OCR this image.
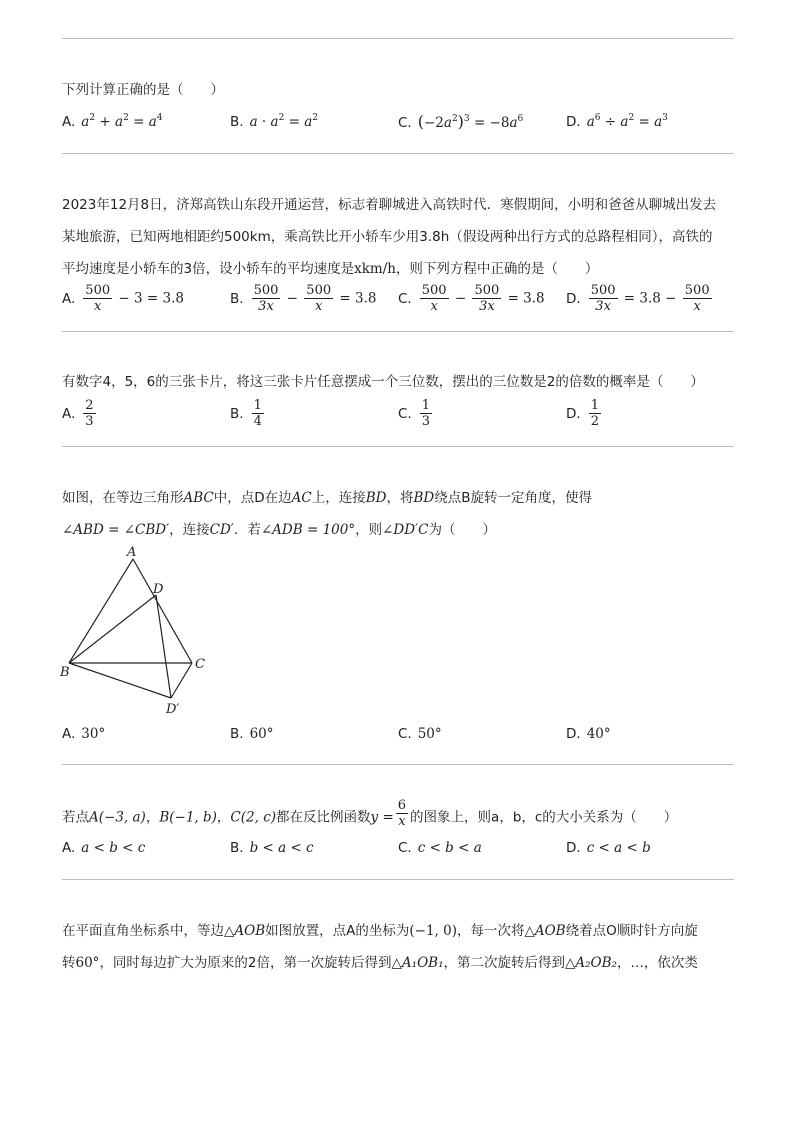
下列计算正确的是（　　）
A. $a^2 + a^2 = a^4$	B. $a \cdot a^2 = a^2$	C. $(-2a^2)^3 = -8a^6$	D. $a^6 \div a^2 = a^3$
2023年12月8日，济郑高铁山东段开通运营，标志着聊城进入高铁时代．寒假期间，小明和爸爸从聊城出发去
某地旅游，已知两地相距约500km，乘高铁比开小轿车少用3.8h（假设两种出行方式的总路程相同），高铁的
平均速度是小轿车的3倍，设小轿车的平均速度是xkm/h，则下列方程中正确的是（　　）
A. $\frac{500}{x} - 3 = 3.8$	B. $\frac{500}{3x} - \frac{500}{x} = 3.8$ C. $\frac{500}{x} - \frac{500}{3x} = 3.8$ D. $\frac{500}{3x} = 3.8 - \frac{500}{x}$
有数字4，5，6的三张卡片，将这三张卡片任意摆成一个三位数，摆出的三位数是2的倍数的概率是（　　）
A. $\frac{2}{3}$	B. $\frac{1}{4}$	C. $\frac{1}{3}$	D. $\frac{1}{2}$
如图，在等边三角形ABC中，点D在边AC上，连接BD，将BD绕点B旋转一定角度，使得
∠ABD = ∠CBD′，连接CD′．若∠ADB = 100°，则∠DD′C为（　　）
A
D
B
C
D′
A. 30°	B. 60°	C. 50°	D. 40°
若点A(−3, a)，B(−1, b)，C(2, c)都在反比例函数$y = \frac{6}{x}$ 的图象上，则a，b，c的大小关系为（　　）
A. a < b < c	B. b < a < c	C. c < b < a	D. c < a < b
在平面直角坐标系中，等边△AOB如图放置，点A的坐标为(−1, 0)，每一次将△AOB绕着点O顺时针方向旋
转60°，同时每边扩大为原来的2倍，第一次旋转后得到△A₁OB₁，第二次旋转后得到△A₂OB₂，…，依次类
